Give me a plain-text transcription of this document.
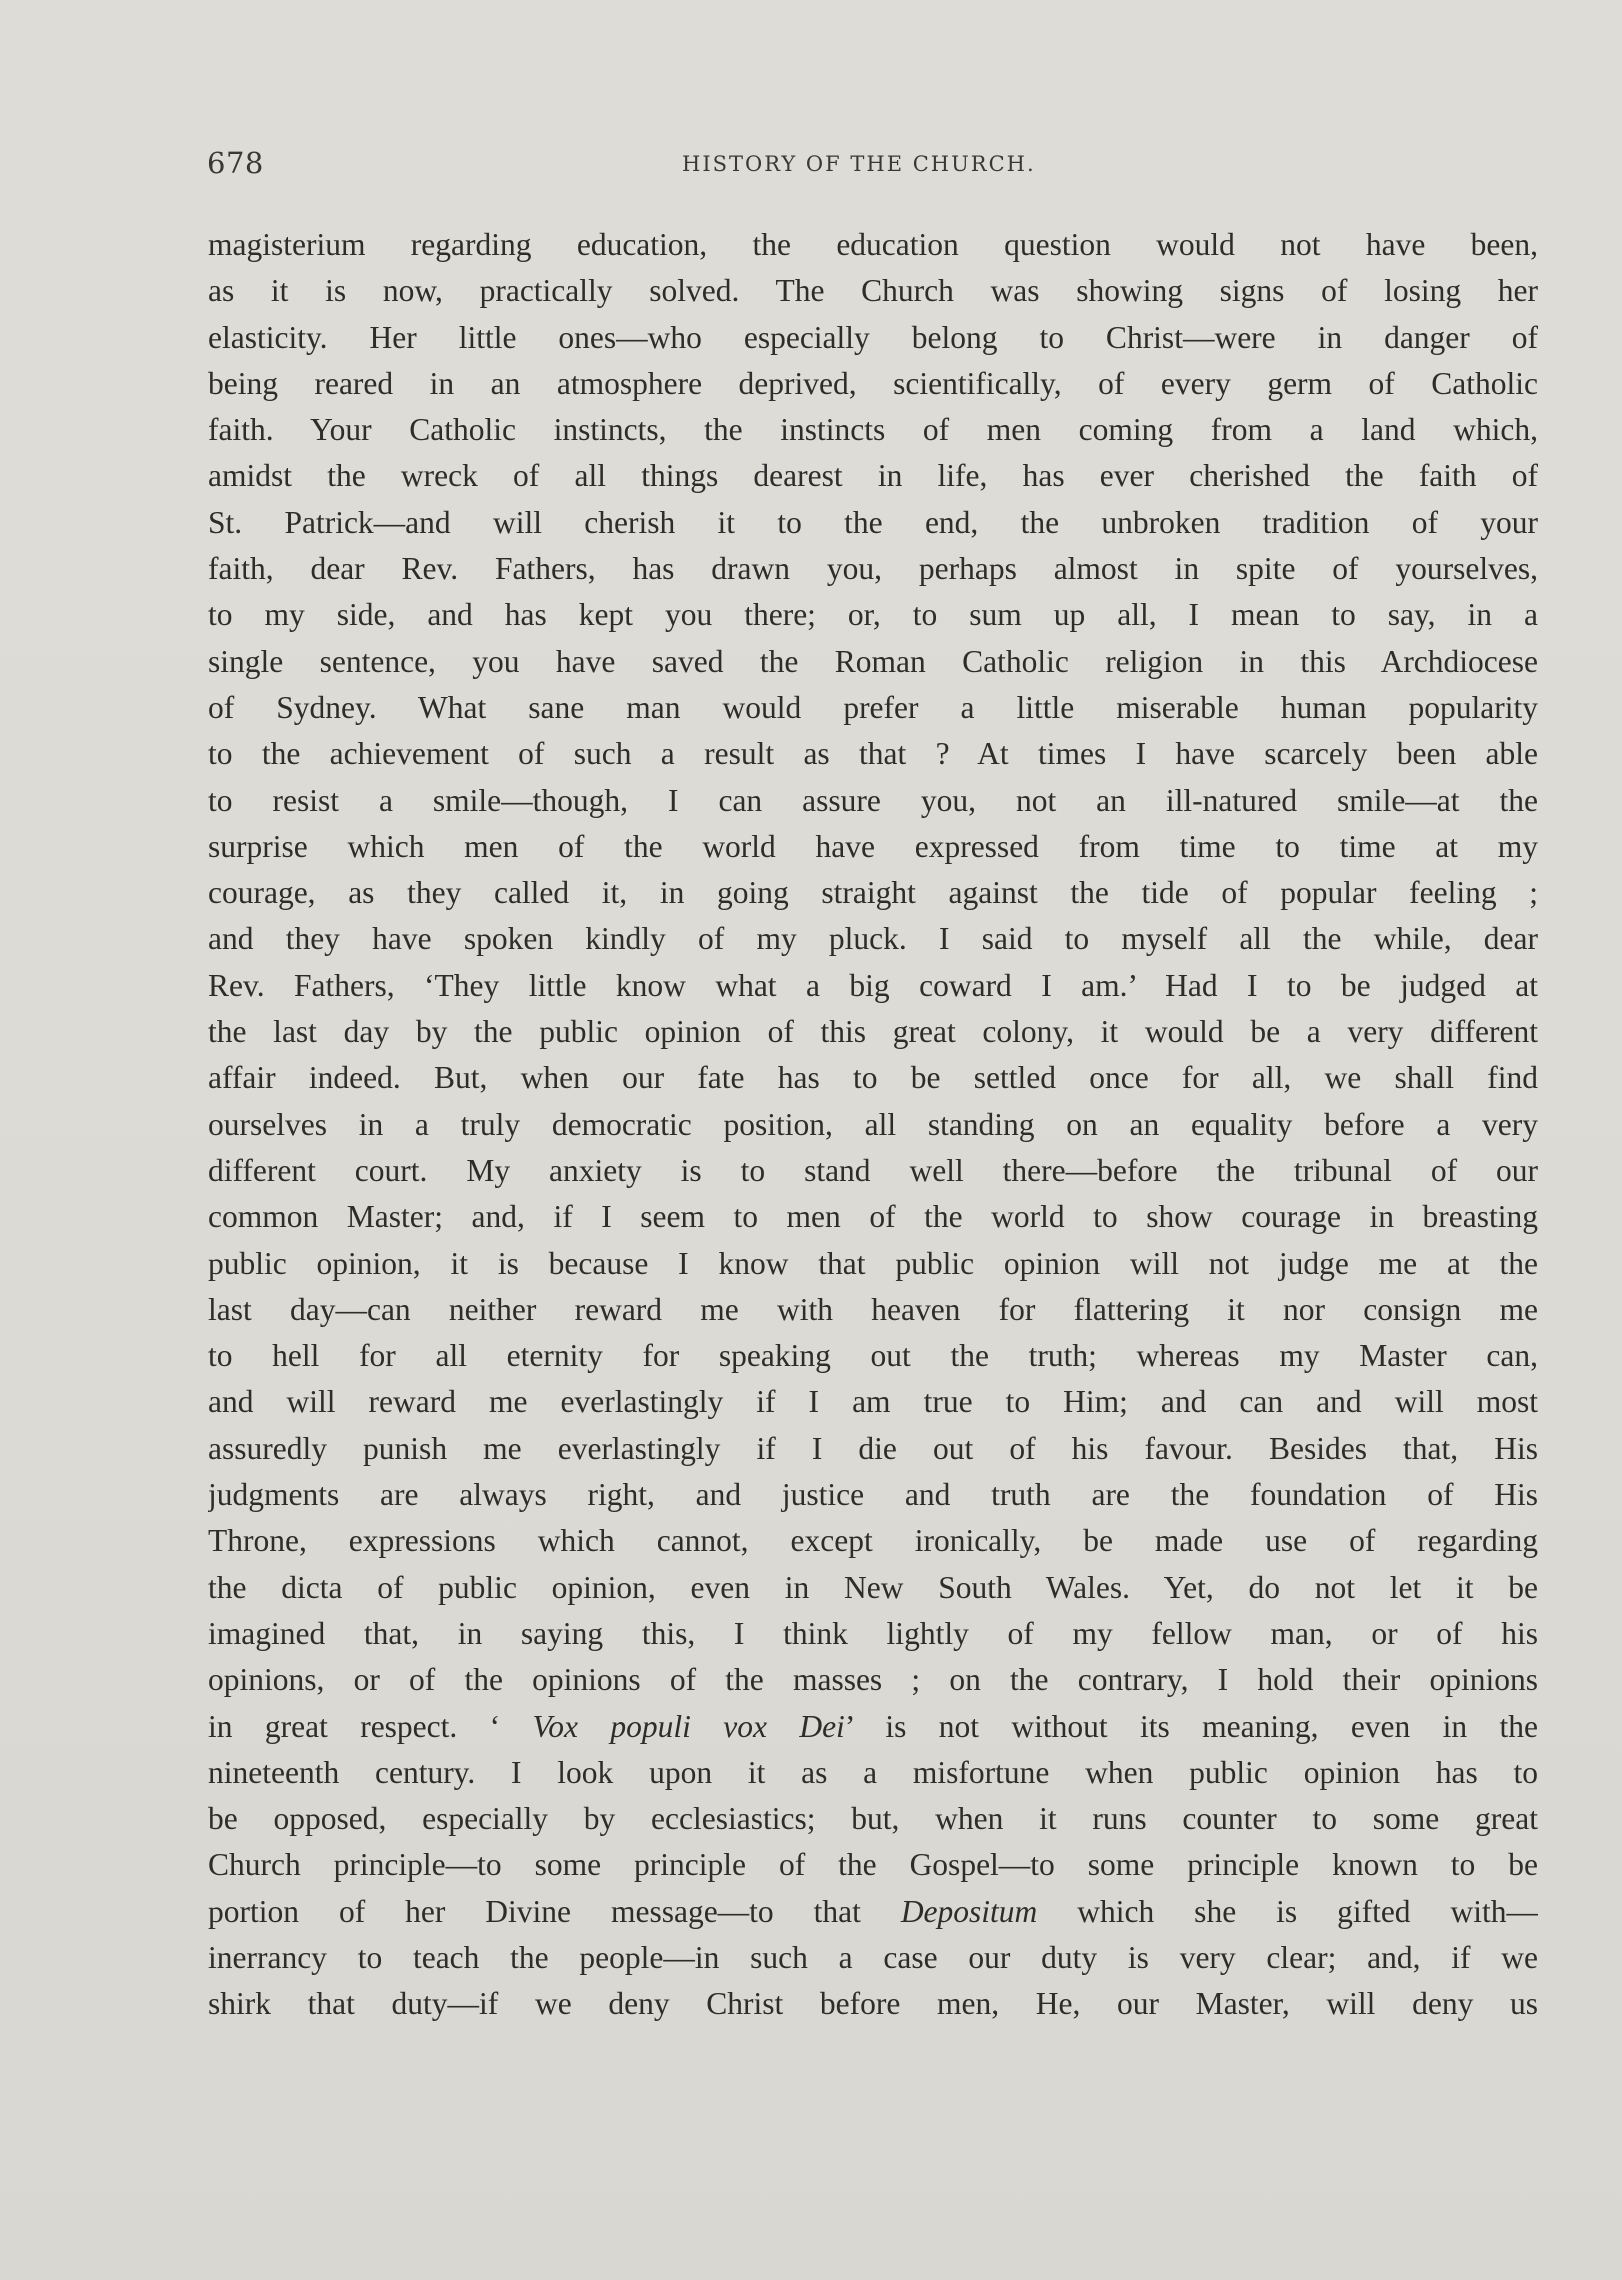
678	HISTORY OF THE CHURCH.
magisterium regarding education, the education question would not have been,
as it is now, practically solved. The Church was showing signs of losing her
elasticity. Her little ones—who especially belong to Christ—were in danger of
being reared in an atmosphere deprived, scientifically, of every germ of Catholic
faith. Your Catholic instincts, the instincts of men coming from a land which,
amidst the wreck of all things dearest in life, has ever cherished the faith of
St. Patrick—and will cherish it to the end, the unbroken tradition of your
faith, dear Rev. Fathers, has drawn you, perhaps almost in spite of yourselves,
to my side, and has kept you there; or, to sum up all, I mean to say, in a
single sentence, you have saved the Roman Catholic religion in this Archdiocese
of Sydney. What sane man would prefer a little miserable human popularity
to the achievement of such a result as that ? At times I have scarcely been able
to resist a smile—though, I can assure you, not an ill-natured smile—at the
surprise which men of the world have expressed from time to time at my
courage, as they called it, in going straight against the tide of popular feeling ;
and they have spoken kindly of my pluck. I said to myself all the while, dear
Rev. Fathers, ‘They little know what a big coward I am.’ Had I to be judged at
the last day by the public opinion of this great colony, it would be a very different
affair indeed. But, when our fate has to be settled once for all, we shall find
ourselves in a truly democratic position, all standing on an equality before a very
different court. My anxiety is to stand well there—before the tribunal of our
common Master; and, if I seem to men of the world to show courage in breasting
public opinion, it is because I know that public opinion will not judge me at the
last day—can neither reward me with heaven for flattering it nor consign me
to hell for all eternity for speaking out the truth; whereas my Master can,
and will reward me everlastingly if I am true to Him; and can and will most
assuredly punish me everlastingly if I die out of his favour. Besides that, His
judgments are always right, and justice and truth are the foundation of His
Throne, expressions which cannot, except ironically, be made use of regarding
the dicta of public opinion, even in New South Wales. Yet, do not let it be
imagined that, in saying this, I think lightly of my fellow man, or of his
opinions, or of the opinions of the masses ; on the contrary, I hold their opinions
in great respect. ‘ Vox populi vox Dei’ is not without its meaning, even in the
nineteenth century. I look upon it as a misfortune when public opinion has to
be opposed, especially by ecclesiastics; but, when it runs counter to some great
Church principle—to some principle of the Gospel—to some principle known to be
portion of her Divine message—to that Depositum which she is gifted with—
inerrancy to teach the people—in such a case our duty is very clear; and, if we
shirk that duty—if we deny Christ before men, He, our Master, will deny us
